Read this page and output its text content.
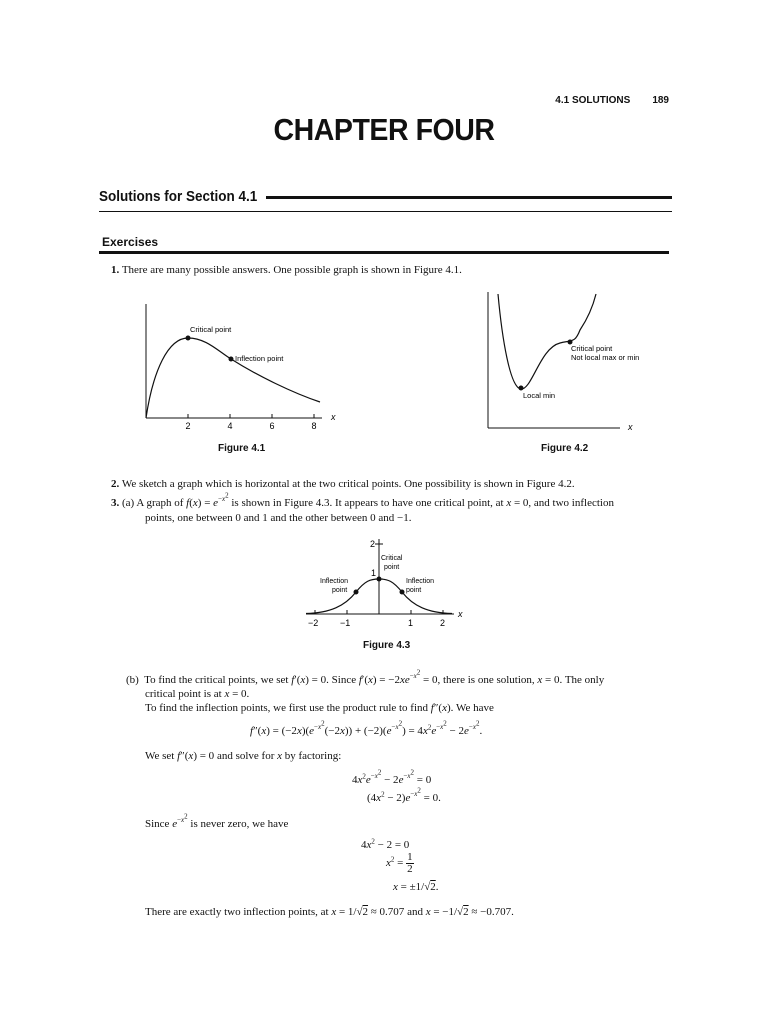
4.1 SOLUTIONS 189
CHAPTER FOUR
Solutions for Section 4.1
Exercises
1. There are many possible answers. One possible graph is shown in Figure 4.1.
Critical point
Inflection point
2	4	6	8
x
Figure 4.1
Critical point
Not local max or min
Local min
x
Figure 4.2
2. We sketch a graph which is horizontal at the two critical points. One possibility is shown in Figure 4.2.
3. (a) A graph of $f(x) = e^{-x^2}$ is shown in Figure 4.3. It appears to have one critical point, at x = 0, and two inflection
points, one between 0 and 1 and the other between 0 and −1.
2
1
Critical
point
Inflection
point
Inflection
point
−2 −1	1	2
x
Figure 4.3
(b) To find the critical points, we set f′(x) = 0. Since $f'(x) = -2xe^{-x^2} = 0$, there is one solution, x = 0. The only
critical point is at x = 0.
To find the inflection points, we first use the product rule to find f″(x). We have
$f''(x) = (-2x)(e^{-x^2}(-2x)) + (-2)(e^{-x^2}) = 4x^2e^{-x^2} - 2e^{-x^2}$.
We set f″(x) = 0 and solve for x by factoring:
$4x^2e^{-x^2} - 2e^{-x^2} = 0$
$(4x^2 - 2)e^{-x^2} = 0$.
Since $e^{-x^2}$ is never zero, we have
$4x^2 - 2 = 0$
$x^2 = \frac{1}{2}$
x = ±1/√2.
There are exactly two inflection points, at x = 1/√2 ≈ 0.707 and x = −1/√2 ≈ −0.707.
